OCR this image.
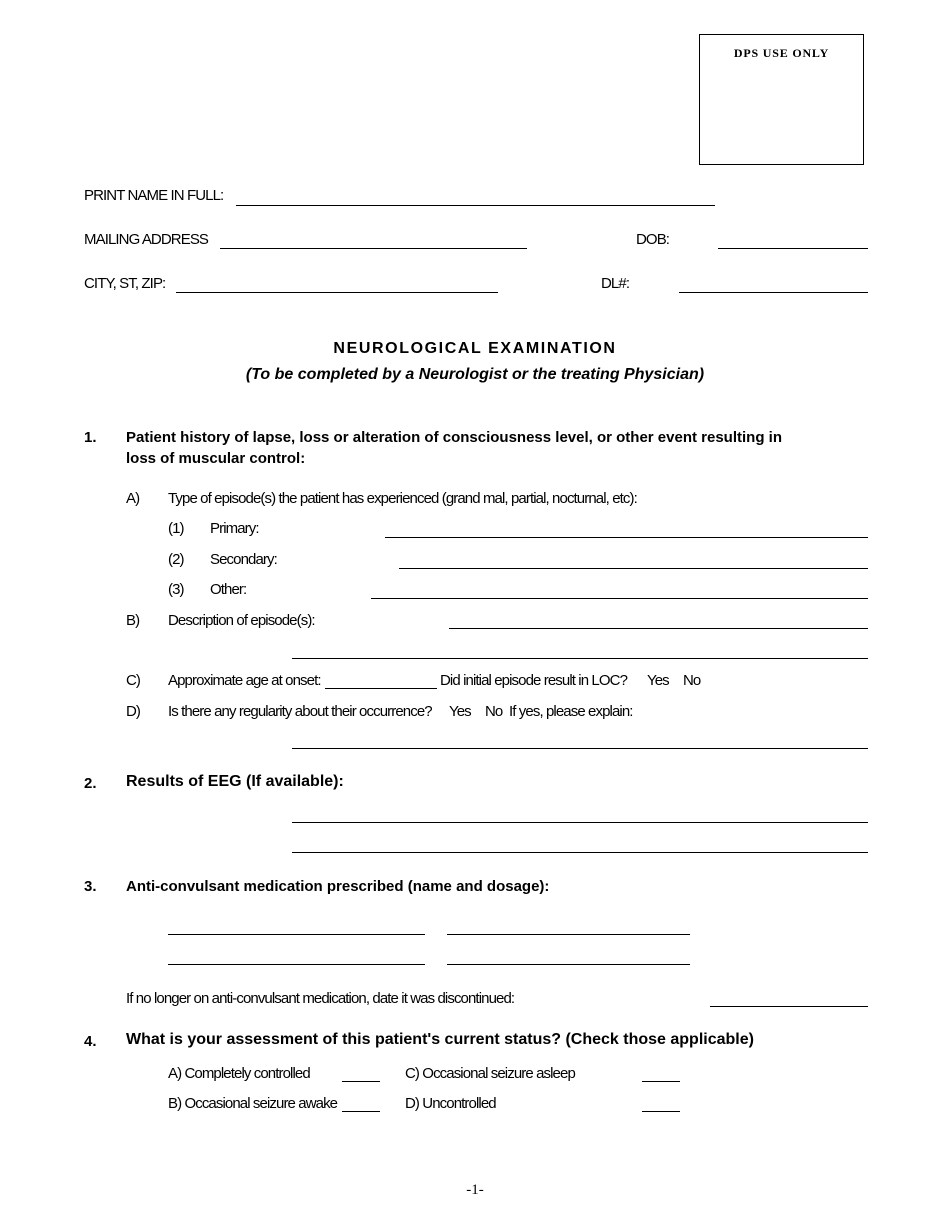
DPS USE ONLY
PRINT NAME IN FULL:
MAILING ADDRESS	DOB:
CITY, ST, ZIP:	DL#:
NEUROLOGICAL EXAMINATION
(To be completed by a Neurologist or the treating Physician)
1. Patient history of lapse, loss or alteration of consciousness level, or other event resulting in
loss of muscular control:
A) Type of episode(s) the patient has experienced (grand mal, partial, nocturnal, etc):
(1) Primary:
(2) Secondary:
(3) Other:
B) Description of episode(s):
C) Approximate age at onset:	Did initial episode result in LOC? Yes No
D) Is there any regularity about their occurrence? Yes No If yes, please explain:
2. Results of EEG (If available):
3. Anti-convulsant medication prescribed (name and dosage):
If no longer on anti-convulsant medication, date it was discontinued:
4. What is your assessment of this patient's current status? (Check those applicable)
A) Completely controlled	C) Occasional seizure asleep
B) Occasional seizure awake	D) Uncontrolled
-1-
